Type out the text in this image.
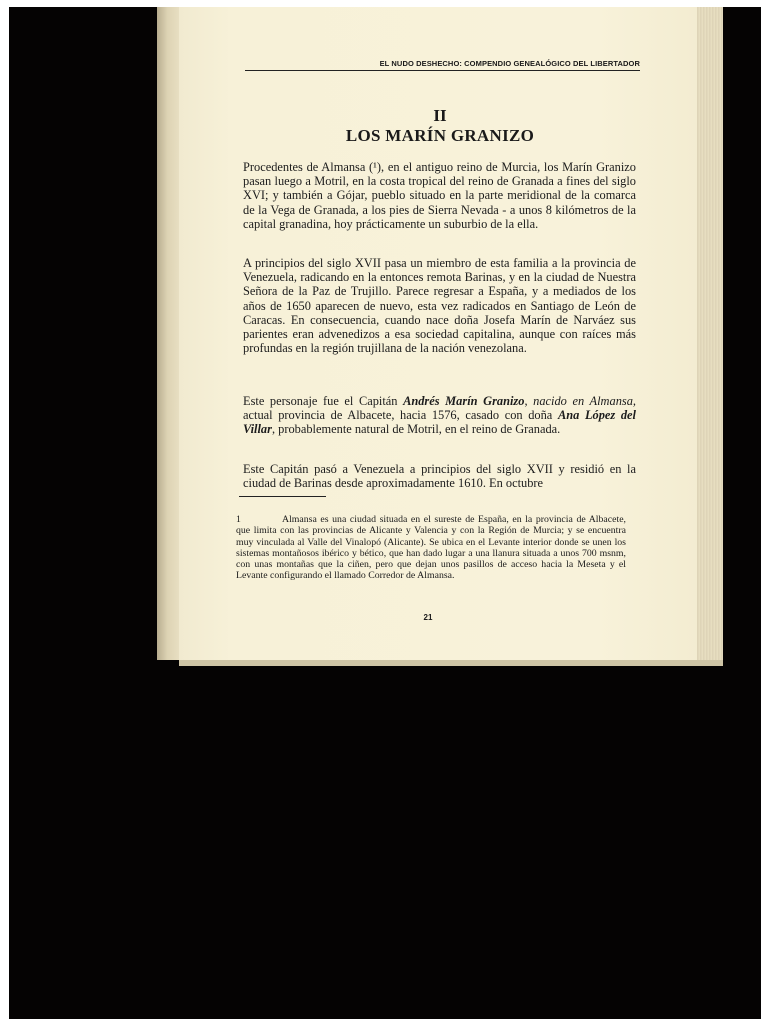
EL NUDO DESHECHO: COMPENDIO GENEALÓGICO DEL LIBERTADOR
II
LOS MARÍN GRANIZO

Procedentes de Almansa (¹), en el antiguo reino de Murcia, los Marín Granizo pasan luego a Motril, en la costa tropical del reino de Granada a fines del siglo XVI; y también a Gójar, pueblo situado en la parte meridional de la comarca de la Vega de Granada, a los pies de Sierra Nevada - a unos 8 kilómetros de la capital granadina, hoy prácticamente un suburbio de la ella.

A principios del siglo XVII pasa un miembro de esta familia a la provincia de Venezuela, radicando en la entonces remota Barinas, y en la ciudad de Nuestra Señora de la Paz de Trujillo. Parece regresar a España, y a mediados de los años de 1650 aparecen de nuevo, esta vez radicados en Santiago de León de Caracas. En consecuencia, cuando nace doña Josefa Marín de Narváez sus parientes eran advenedizos a esa sociedad capitalina, aunque con raíces más profundas en la región trujillana de la nación venezolana.

Este personaje fue el Capitán Andrés Marín Granizo, nacido en Almansa, actual provincia de Albacete, hacia 1576, casado con doña Ana López del Villar, probablemente natural de Motril, en el reino de Granada.

Este Capitán pasó a Venezuela a principios del siglo XVII y residió en la ciudad de Barinas desde aproximadamente 1610. En octubre

1	Almansa es una ciudad situada en el sureste de España, en la provincia de Albacete, que limita con las provincias de Alicante y Valencia y con la Región de Murcia; y se encuentra muy vinculada al Valle del Vinalopó (Alicante). Se ubica en el Levante interior donde se unen los sistemas montañosos ibérico y bético, que han dado lugar a una llanura situada a unos 700 msnm, con unas montañas que la ciñen, pero que dejan unos pasillos de acceso hacia la Meseta y el Levante configurando el llamado Corredor de Almansa.

21
